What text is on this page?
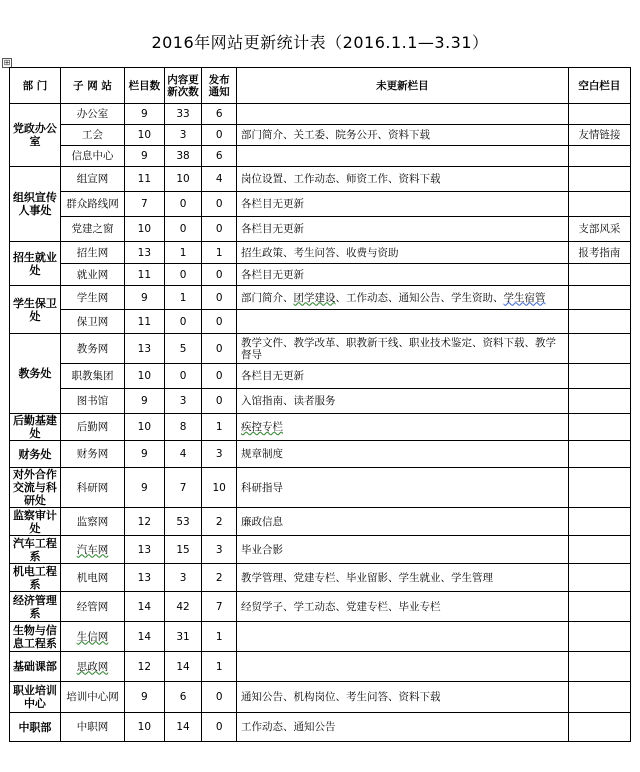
2016年网站更新统计表（2016.1.1—3.31）
⊞
部 门	子 网 站	栏目数	内容更新次数	发布通知	未更新栏目	空白栏目
党政办公室	办公室	9	33	6		
	工会	10	3	0	部门简介、关工委、院务公开、资料下载	友情链接
	信息中心	9	38	6		
组织宣传人事处	组宣网	11	10	4	岗位设置、工作动态、师资工作、资料下载	
	群众路线网	7	0	0	各栏目无更新	
	党建之窗	10	0	0	各栏目无更新	支部风采
招生就业处	招生网	13	1	1	招生政策、考生问答、收费与资助	报考指南
	就业网	11	0	0	各栏目无更新	
学生保卫处	学生网	9	1	0	部门简介、团学建设、工作动态、通知公告、学生资助、学生宿管	
	保卫网	11	0	0		
教务处	教务网	13	5	0	教学文件、教学改革、职教新干线、职业技术鉴定、资料下载、教学督导	
	职教集团	10	0	0	各栏目无更新	
	图书馆	9	3	0	入馆指南、读者服务	
后勤基建处	后勤网	10	8	1	疾控专栏	
财务处	财务网	9	4	3	规章制度	
对外合作交流与科研处	科研网	9	7	10	科研指导	
监察审计处	监察网	12	53	2	廉政信息	
汽车工程系	汽车网	13	15	3	毕业合影	
机电工程系	机电网	13	3	2	教学管理、党建专栏、毕业留影、学生就业、学生管理	
经济管理系	经管网	14	42	7	经贸学子、学工动态、党建专栏、毕业专栏	
生物与信息工程系	生信网	14	31	1		
基础课部	思政网	12	14	1		
职业培训中心	培训中心网	9	6	0	通知公告、机构岗位、考生问答、资料下载	
中职部	中职网	10	14	0	工作动态、通知公告	
